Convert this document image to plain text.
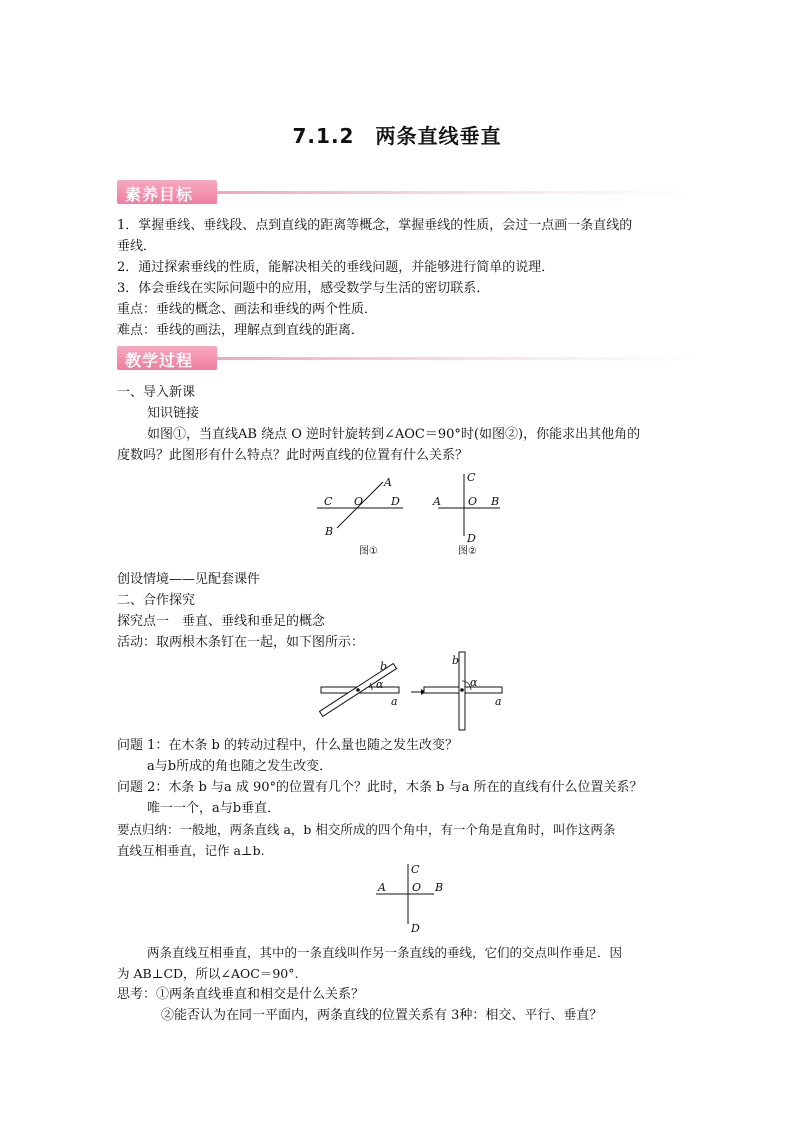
7.1.2　两条直线垂直
素养目标
1．掌握垂线、垂线段、点到直线的距离等概念，掌握垂线的性质，会过一点画一条直线的
垂线．
2．通过探索垂线的性质，能解决相关的垂线问题，并能够进行简单的说理．
3．体会垂线在实际问题中的应用，感受数学与生活的密切联系．
重点：垂线的概念、画法和垂线的两个性质．
难点：垂线的画法，理解点到直线的距离．
教学过程
一、导入新课
知识链接
如图①，当直线AB 绕点 O 逆时针旋转到∠AOC＝90°时(如图②)，你能求出其他角的
度数吗？此图形有什么特点？此时两直线的位置有什么关系？
C O	D
A
B
图①
A O B
C
D
图②
创设情境——见配套课件
二、合作探究
探究点一　垂直、垂线和垂足的概念
活动：取两根木条钉在一起，如下图所示：
b
α
a
b
α
a
问题 1：在木条 b 的转动过程中，什么量也随之发生改变？
a与b所成的角也随之发生改变．
问题 2：木条 b 与a 成 90°的位置有几个？此时，木条 b 与a 所在的直线有什么位置关系？
唯一一个，a与b垂直．
要点归纳：一般地，两条直线 a，b 相交所成的四个角中，有一个角是直角时，叫作这两条
直线互相垂直，记作 a⊥b.
A O B
C
D
两条直线互相垂直，其中的一条直线叫作另一条直线的垂线，它们的交点叫作垂足．因
为 AB⊥CD，所以∠AOC＝90°.
思考：①两条直线垂直和相交是什么关系？
②能否认为在同一平面内，两条直线的位置关系有 3种：相交、平行、垂直？
